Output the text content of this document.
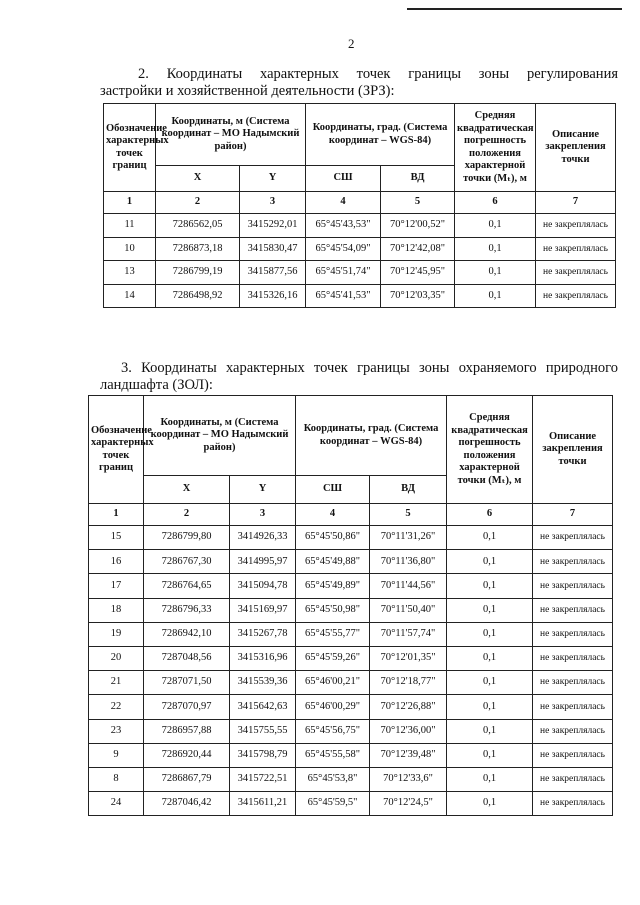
2
2. Координаты характерных точек границы зоны регулирования
застройки и хозяйственной деятельности (ЗРЗ):
Обозначение характерных точек границ	Координаты, м (Система координат – МО Надымский район)		Координаты, град. (Система координат – WGS-84)		Средняя квадратическая погрешность положения характерной точки (Mₜ), м	Описание закрепления точки
	X	Y	СШ	ВД		
1	2	3	4	5	6	7
11	7286562,05	3415292,01	65°45'43,53"	70°12'00,52"	0,1	не закреплялась
10	7286873,18	3415830,47	65°45'54,09"	70°12'42,08"	0,1	не закреплялась
13	7286799,19	3415877,56	65°45'51,74"	70°12'45,95"	0,1	не закреплялась
14	7286498,92	3415326,16	65°45'41,53"	70°12'03,35"	0,1	не закреплялась
3. Координаты характерных точек границы зоны охраняемого природного
ландшафта (ЗОЛ):
Обозначение характерных точек границ	Координаты, м (Система координат – МО Надымский район)		Координаты, град. (Система координат – WGS-84)		Средняя квадратическая погрешность положения характерной точки (Mₜ), м	Описание закрепления точки
	X	Y	СШ	ВД		
1	2	3	4	5	6	7
15	7286799,80	3414926,33	65°45'50,86"	70°11'31,26"	0,1	не закреплялась
16	7286767,30	3414995,97	65°45'49,88"	70°11'36,80"	0,1	не закреплялась
17	7286764,65	3415094,78	65°45'49,89"	70°11'44,56"	0,1	не закреплялась
18	7286796,33	3415169,97	65°45'50,98"	70°11'50,40"	0,1	не закреплялась
19	7286942,10	3415267,78	65°45'55,77"	70°11'57,74"	0,1	не закреплялась
20	7287048,56	3415316,96	65°45'59,26"	70°12'01,35"	0,1	не закреплялась
21	7287071,50	3415539,36	65°46'00,21"	70°12'18,77"	0,1	не закреплялась
22	7287070,97	3415642,63	65°46'00,29"	70°12'26,88"	0,1	не закреплялась
23	7286957,88	3415755,55	65°45'56,75"	70°12'36,00"	0,1	не закреплялась
9	7286920,44	3415798,79	65°45'55,58"	70°12'39,48"	0,1	не закреплялась
8	7286867,79	3415722,51	65°45'53,8"	70°12'33,6"	0,1	не закреплялась
24	7287046,42	3415611,21	65°45'59,5"	70°12'24,5"	0,1	не закреплялась
